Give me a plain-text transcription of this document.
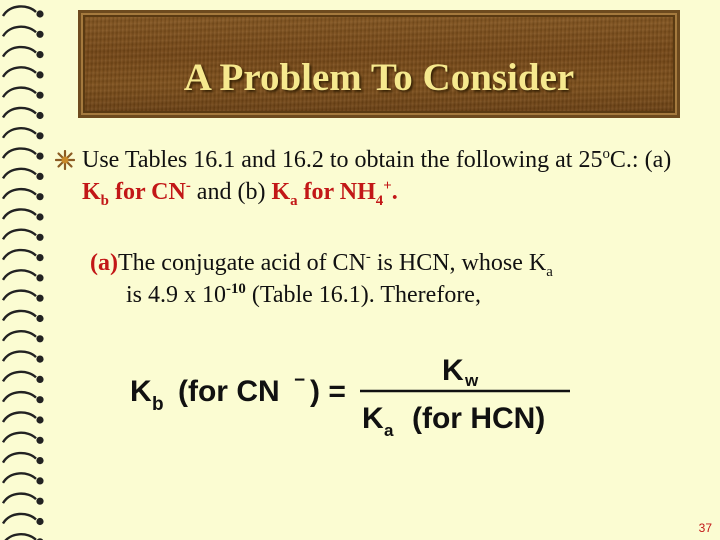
A Problem To Consider
Use Tables 16.1 and 16.2 to obtain the following at 25$^o$C.: (a) $K_b$ for CN- and (b) $K_a$ for $NH_4^+$.
(a)The conjugate acid of CN- is HCN, whose $K_a$
is 4.9 x $10^{-10}$ (Table 16.1). Therefore,
K b (for CN − ) =
K w
K a (for HCN)
37
